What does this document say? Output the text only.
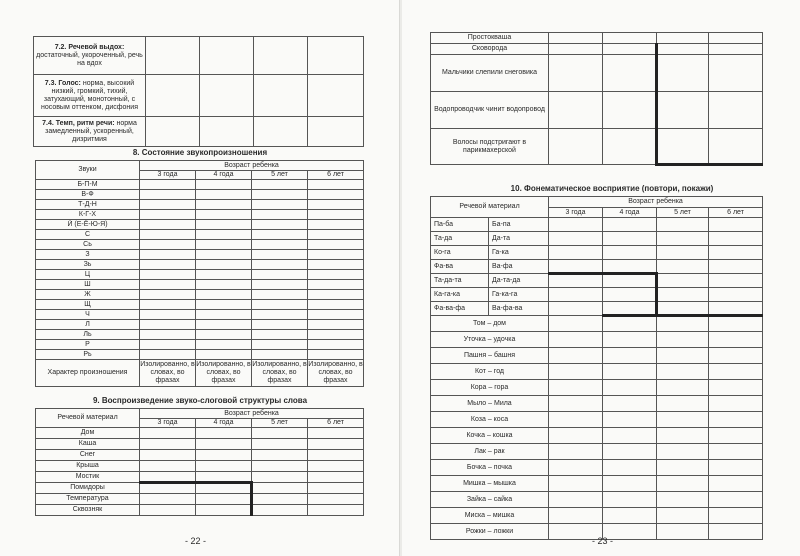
7.2. Речевой выдох: достаточный, укороченный, речь на вдох				
7.3. Голос: норма, высокий низкий, громкий, тихий, затухающий, монотонный, с носовым оттенком, дисфония				
7.4. Темп, ритм речи: норма замедленный, ускоренный, дизритмия				
8. Состояние звукопроизношения
Звуки	Возраст ребенка			
	3 года	4 года	5 лет	6 лет
Б-П-М				
В-Ф				
Т-Д-Н				
К-Г-Х				
Й (Е-Ё-Ю-Я)				
С				
Сь				
З				
Зь				
Ц				
Ш				
Ж				
Щ				
Ч				
Л				
Ль				
Р				
Рь				
Характер произношения	Изолированно, в словах, во фразах	Изолированно, в словах, во фразах	Изолированно, в словах, во фразах	Изолированно, в словах, во фразах
9. Воспроизведение звуко-слоговой структуры слова
Речевой материал	Возраст ребенка			
	3 года	4 года	5 лет	6 лет
Дом				
Каша				
Снег				
Крыша				
Мостик				
Помидоры				
Температура				
Сквозняк				
- 22 -
Простокваша				
Сковорода				
Мальчики слепили снеговика				
Водопроводчик чинит водопровод				
Волосы подстригают в парикмахерской				
10. Фонематическое восприятие (повтори, покажи)
Речевой материал		Возраст ребенка			
		3 года	4 года	5 лет	6 лет
Па-ба	Ба-па				
Та-да	Да-та				
Ко-га	Га-ка				
Фа-ва	Ва-фа				
Та-да-та	Да-та-да				
Ка-га-ка	Га-ка-га				
Фа-ва-фа	Ва-фа-ва				
Том – дом					
Уточка – удочка					
Пашня – башня					
Кот – год					
Кора – гора					
Мыло – Мила					
Коза – коса					
Кочка – кошка					
Лак – рак					
Бочка – почка					
Мишка – мышка					
Зайка – сайка					
Миска – мишка					
Рожки – ложки					
- 23 -
